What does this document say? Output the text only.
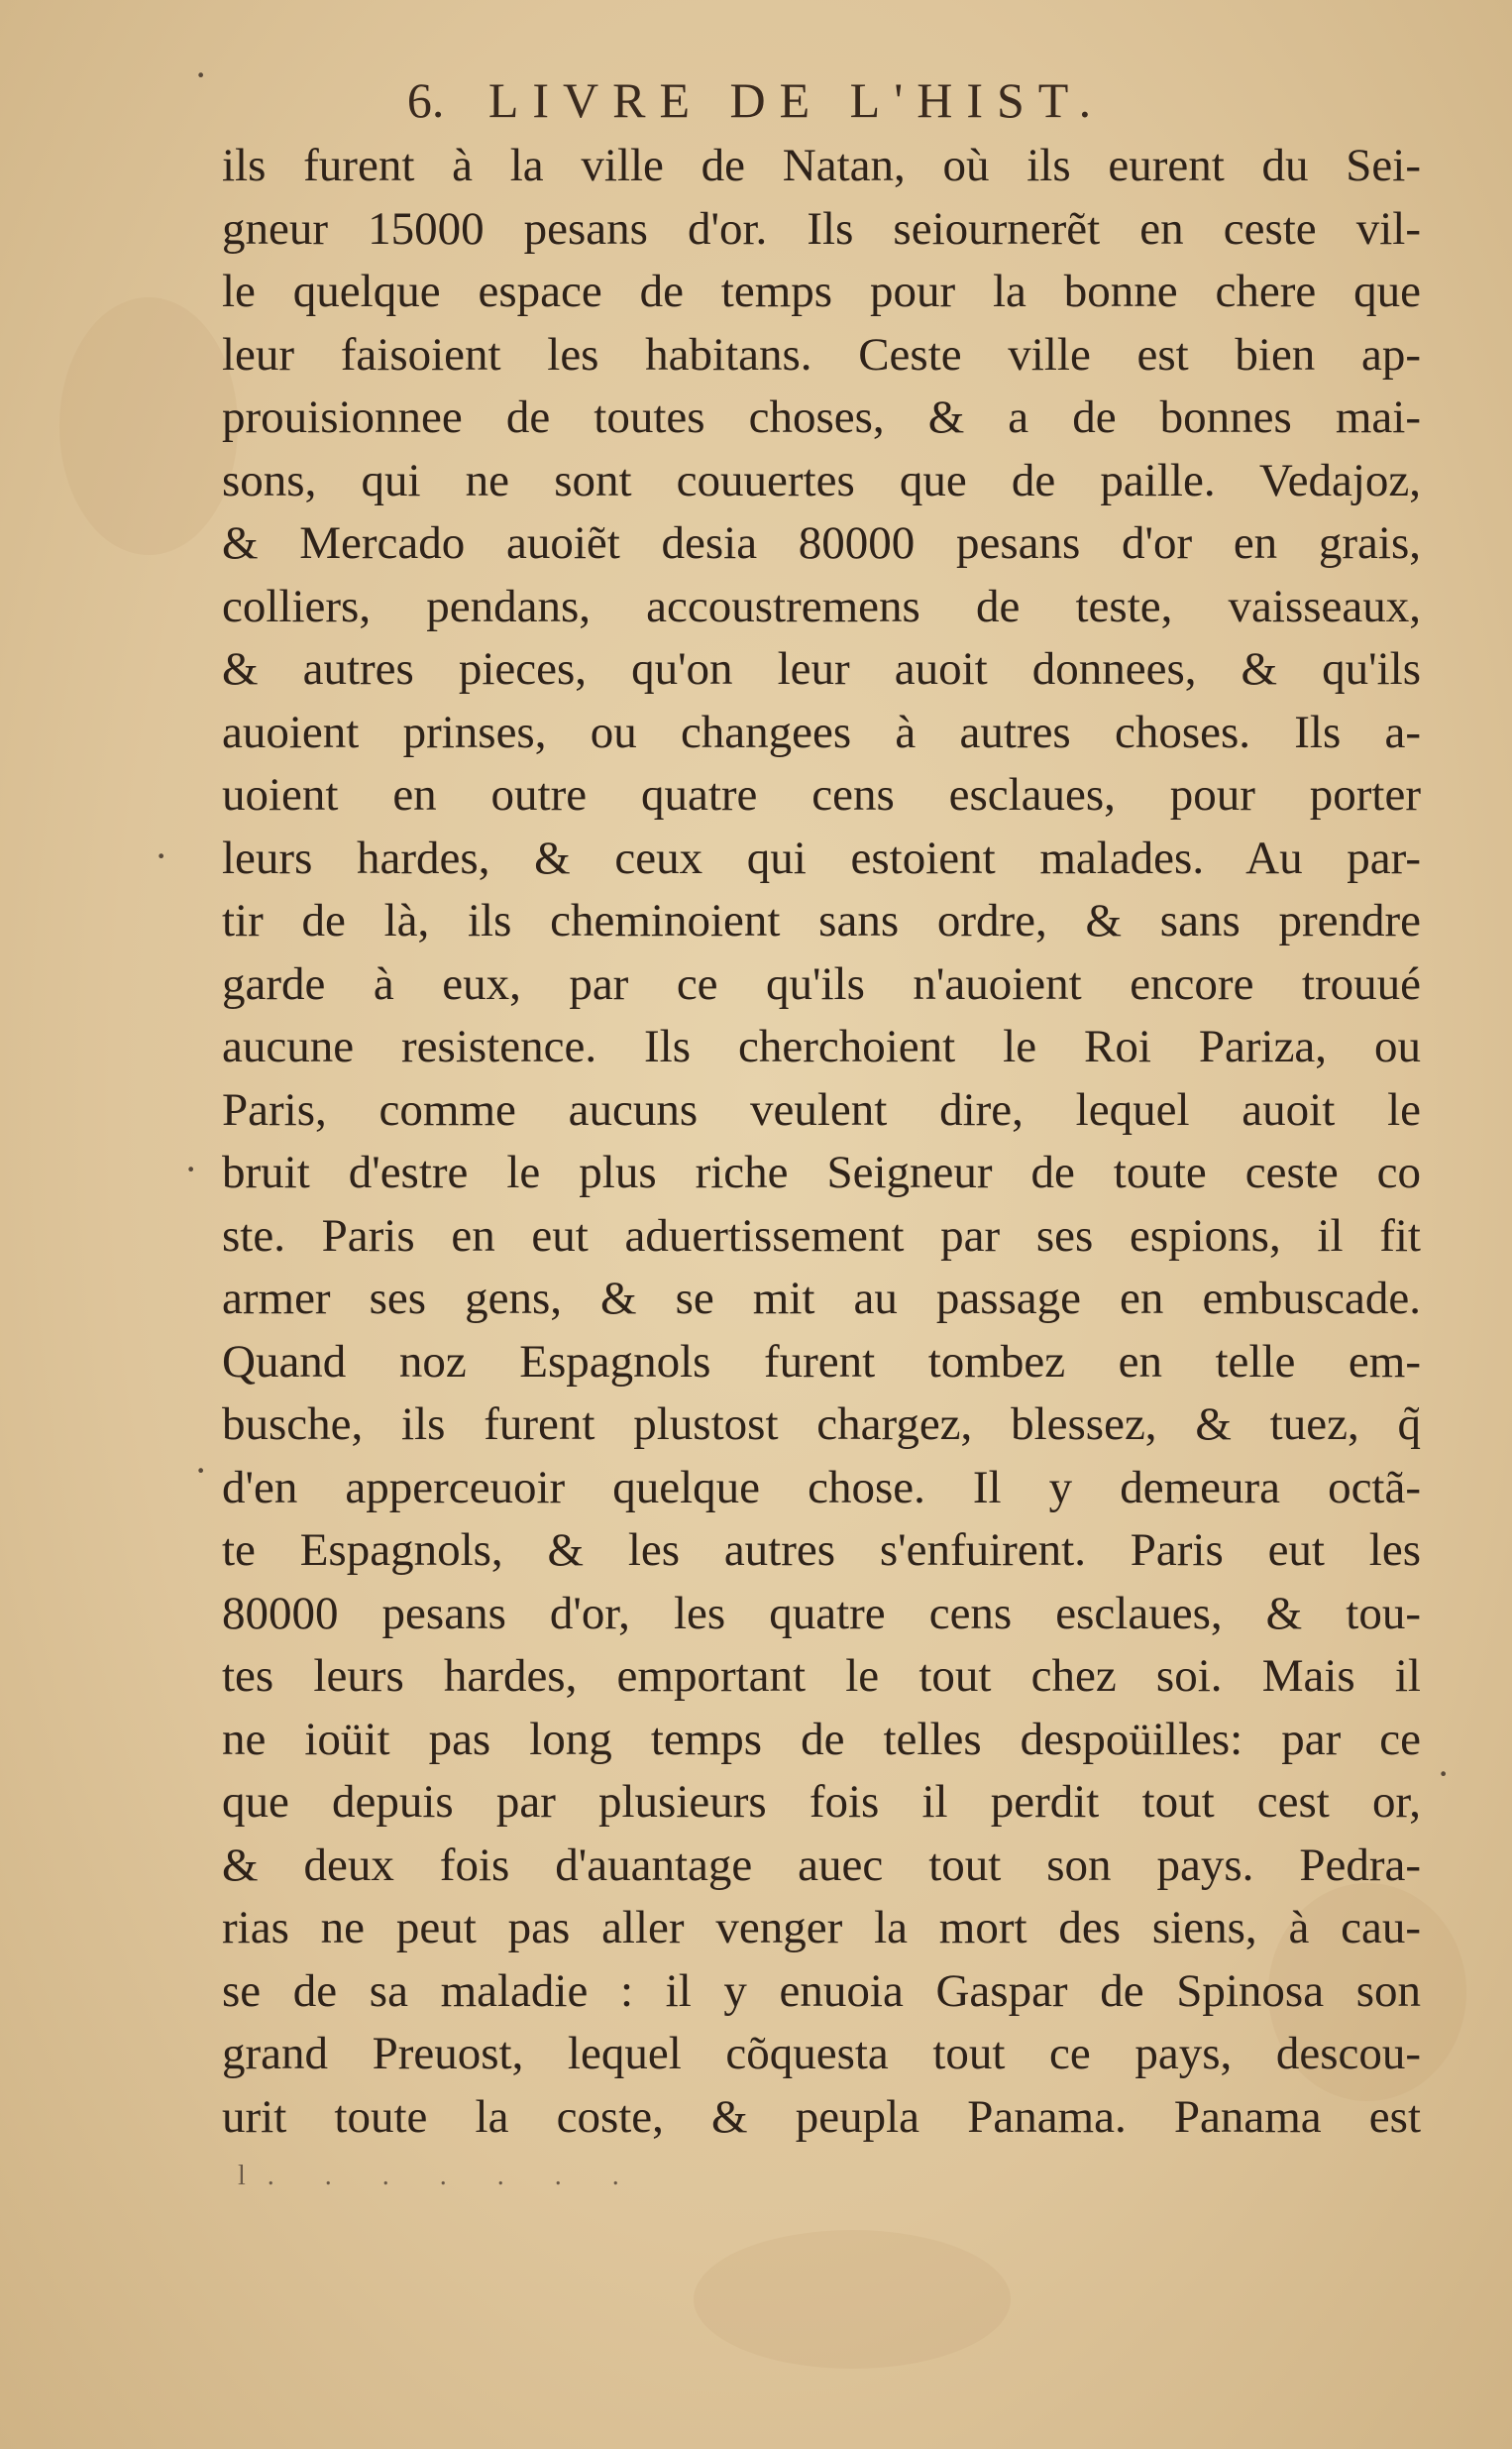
6. LIVRE DE L'HIST.
·
·
·
·
·
ils furent à la ville de Natan, où ils eurent du Sei-
gneur 15000 pesans d'or. Ils seiournerẽt en ceste vil-
le quelque espace de temps pour la bonne chere que
leur faisoient les habitans. Ceste ville est bien ap-
prouisionnee de toutes choses, & a de bonnes mai-
sons, qui ne sont couuertes que de paille. Vedajoz,
& Mercado auoiẽt desia 80000 pesans d'or en grais,
colliers, pendans, accoustremens de teste, vaisseaux,
& autres pieces, qu'on leur auoit donnees, & qu'ils
auoient prinses, ou changees à autres choses. Ils a-
uoient en outre quatre cens esclaues, pour porter
leurs hardes, & ceux qui estoient malades. Au par-
tir de là, ils cheminoient sans ordre, & sans prendre
garde à eux, par ce qu'ils n'auoient encore trouué
aucune resistence. Ils cherchoient le Roi Pariza, ou
Paris, comme aucuns veulent dire, lequel auoit le
bruit d'estre le plus riche Seigneur de toute ceste co
ste. Paris en eut aduertissement par ses espions, il fit
armer ses gens, & se mit au passage en embuscade.
Quand noz Espagnols furent tombez en telle em-
busche, ils furent plustost chargez, blessez, & tuez, q̃
d'en apperceuoir quelque chose. Il y demeura octã-
te Espagnols, & les autres s'enfuirent. Paris eut les
80000 pesans d'or, les quatre cens esclaues, & tou-
tes leurs hardes, emportant le tout chez soi. Mais il
ne ioüit pas long temps de telles despoüilles: par ce
que depuis par plusieurs fois il perdit tout cest or,
& deux fois d'auantage auec tout son pays. Pedra-
rias ne peut pas aller venger la mort des siens, à cau-
se de sa maladie : il y enuoia Gaspar de Spinosa son
grand Preuost, lequel cõquesta tout ce pays, descou-
urit toute la coste, & peupla Panama. Panama est
l. . . . . . .
